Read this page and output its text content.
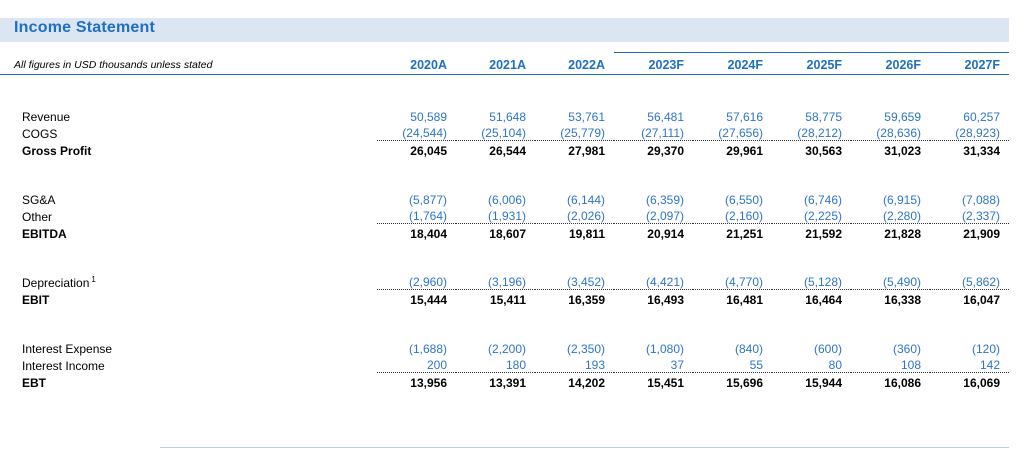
Income Statement
All figures in USD thousands unless stated	2020A	2021A	2022A	2023F	2024F	2025F	2026F	2027F

Revenue	50,589	51,648	53,761	56,481	57,616	58,775	59,659	60,257
COGS	(24,544)	(25,104)	(25,779)	(27,111)	(27,656)	(28,212)	(28,636)	(28,923)
Gross Profit	26,045	26,544	27,981	29,370	29,961	30,563	31,023	31,334

SG&A	(5,877)	(6,006)	(6,144)	(6,359)	(6,550)	(6,746)	(6,915)	(7,088)
Other	(1,764)	(1,931)	(2,026)	(2,097)	(2,160)	(2,225)	(2,280)	(2,337)
EBITDA	18,404	18,607	19,811	20,914	21,251	21,592	21,828	21,909

Depreciation $^1$	(2,960)	(3,196)	(3,452)	(4,421)	(4,770)	(5,128)	(5,490)	(5,862)
EBIT	15,444	15,411	16,359	16,493	16,481	16,464	16,338	16,047

Interest Expense	(1,688)	(2,200)	(2,350)	(1,080)	(840)	(600)	(360)	(120)
Interest Income	200	180	193	37	55	80	108	142
EBT	13,956	13,391	14,202	15,451	15,696	15,944	16,086	16,069
